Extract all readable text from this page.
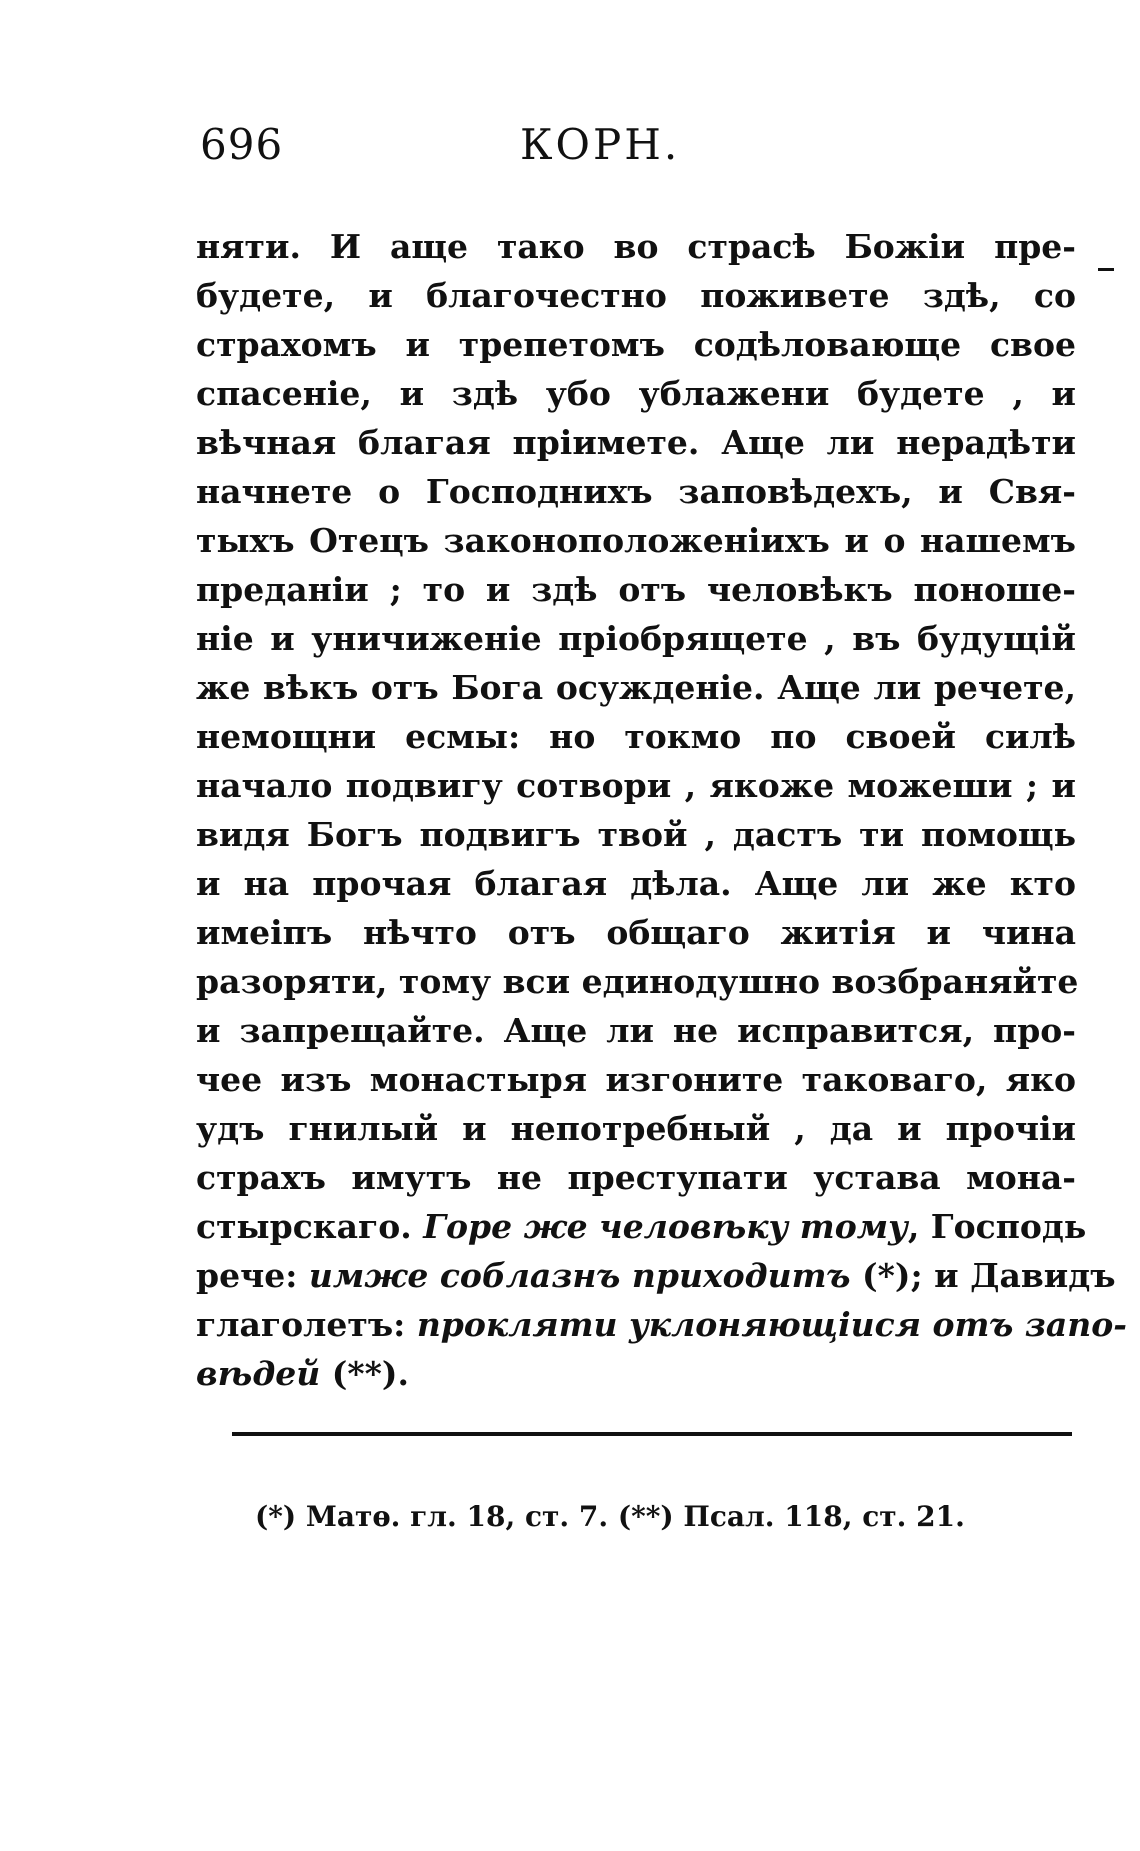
696	КОРН.
няти. И аще тако во страсѣ Божіи пре-
будете, и благочестно поживете здѣ, со
страхомъ и трепетомъ содѣловающе свое
спасеніе, и здѣ убо ублажени будете , и
вѣчная благая пріимете. Аще ли нерадѣти
начнете о Господнихъ заповѣдехъ, и Свя-
тыхъ Отецъ законоположеніихъ и о нашемъ
преданіи ; то и здѣ отъ человѣкъ поноше-
ніе и уничиженіе пріобрящете , въ будущій
же вѣкъ отъ Бога осужденіе. Аще ли речете,
немощни есмы: но токмо по своей силѣ
начало подвигу сотвори , якоже можеши ; и
видя Богъ подвигъ твой , дастъ ти помощь
и на прочая благая дѣла. Аще ли же кто
имеіпъ нѣчто отъ общаго житія и чина
разоряти, тому вси единодушно возбраняйте
и запрещайте. Аще ли не исправится, про-
чее изъ монастыря изгоните таковаго, яко
удъ гнилый и непотребный , да и прочіи
страхъ имутъ не преступати устава мона-
стырскаго. Горе же человѣку тому, Господь
рече: имже соблазнъ приходитъ (*); и Давидъ
глаголетъ: прокляти уклоняющіися отъ запо-
вѣдей (**).
(*) Матѳ. гл. 18, ст. 7. (**) Псал. 118, ст. 21.
